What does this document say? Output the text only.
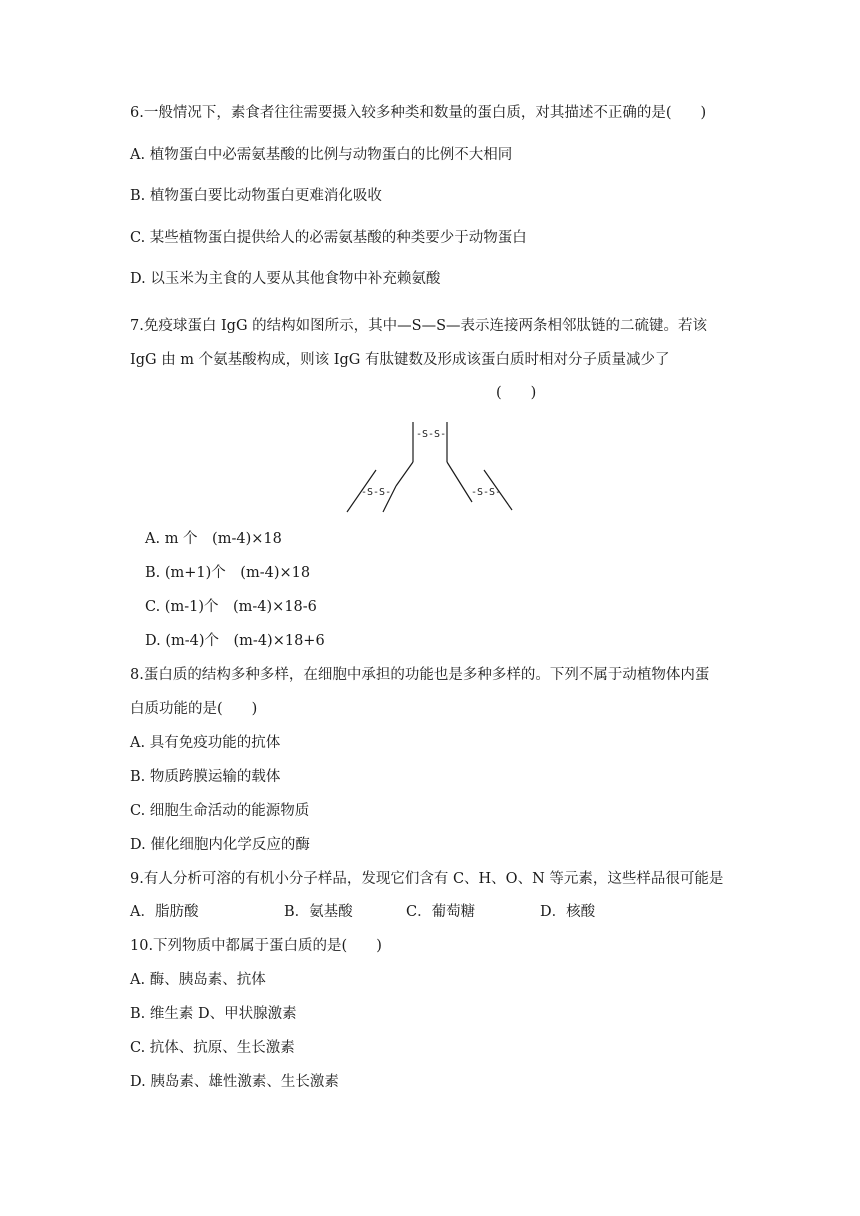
6.一般情况下，素食者往往需要摄入较多种类和数量的蛋白质，对其描述不正确的是(　　)
A. 植物蛋白中必需氨基酸的比例与动物蛋白的比例不大相同
B. 植物蛋白要比动物蛋白更难消化吸收
C. 某些植物蛋白提供给人的必需氨基酸的种类要少于动物蛋白
D. 以玉米为主食的人要从其他食物中补充赖氨酸
7.免疫球蛋白 IgG 的结构如图所示，其中—S—S—表示连接两条相邻肽链的二硫键。若该
IgG 由 m 个氨基酸构成，则该 IgG 有肽键数及形成该蛋白质时相对分子质量减少了
(　　)
-S-S-
-S-S-	-S-S-
A. m 个　(m-4)×18
B. (m+1)个　(m-4)×18
C. (m-1)个　(m-4)×18-6
D. (m-4)个　(m-4)×18+6
8.蛋白质的结构多种多样，在细胞中承担的功能也是多种多样的。下列不属于动植物体内蛋
白质功能的是(　　)
A. 具有免疫功能的抗体
B. 物质跨膜运输的载体
C. 细胞生命活动的能源物质
D. 催化细胞内化学反应的酶
9.有人分析可溶的有机小分子样品，发现它们含有 C、H、O、N 等元素，这些样品很可能是
A．脂肪酸	B．氨基酸	C．葡萄糖	D．核酸
10.下列物质中都属于蛋白质的是(　　)
A. 酶、胰岛素、抗体
B. 维生素 D、甲状腺激素
C. 抗体、抗原、生长激素
D. 胰岛素、雄性激素、生长激素
